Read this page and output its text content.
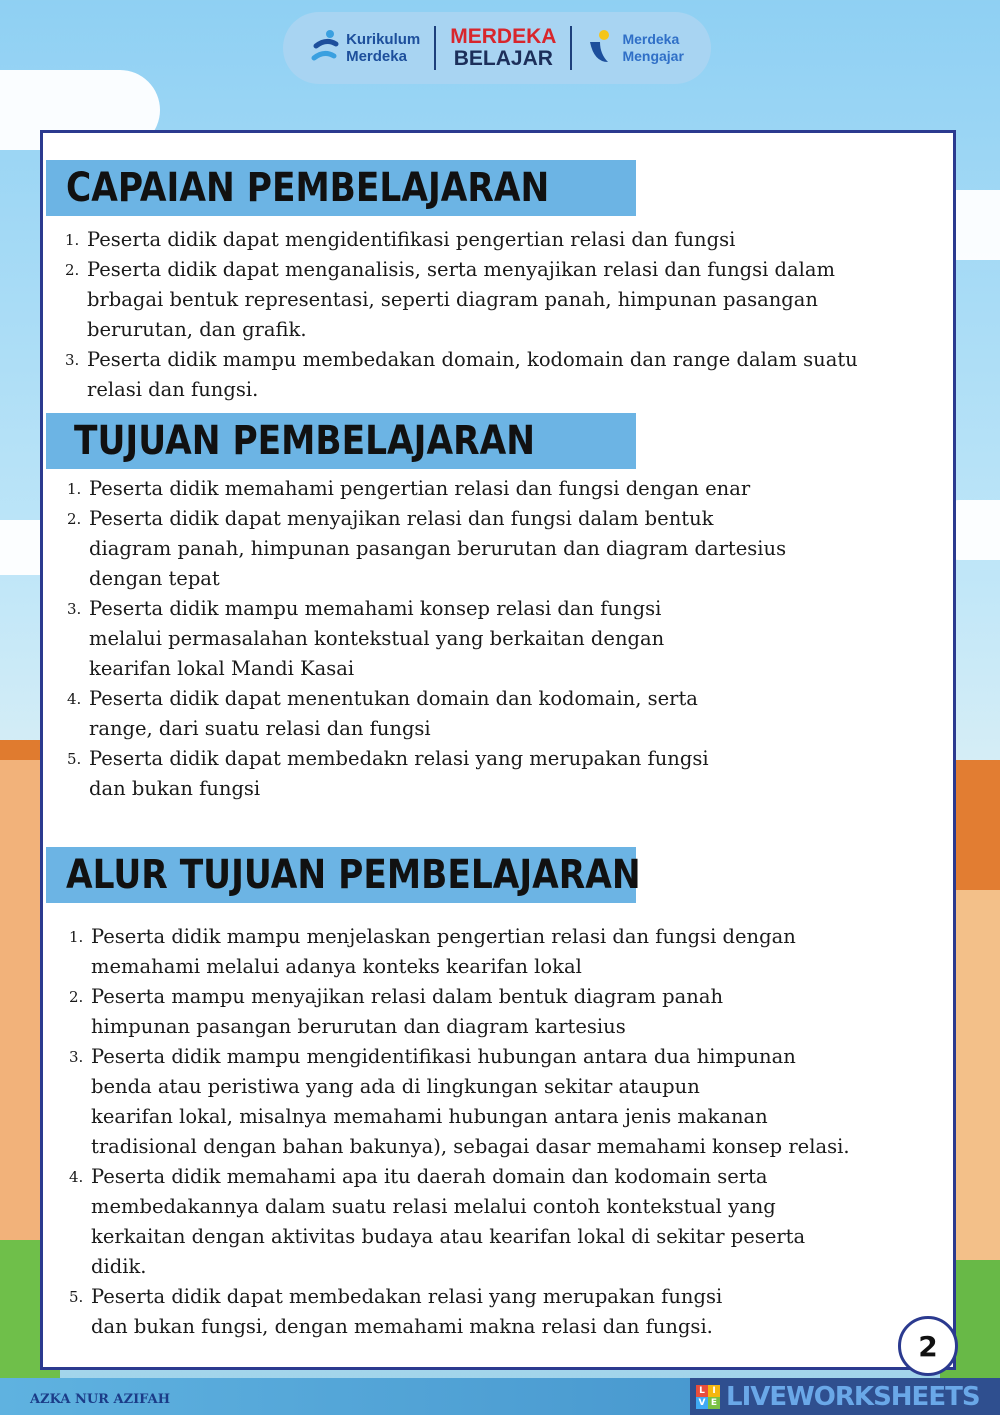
Kurikulum
Merdeka
MERDEKA
BELAJAR
Merdeka
Mengajar
CAPAIAN PEMBELAJARAN
1. Peserta didik dapat mengidentifikasi pengertian relasi dan fungsi
2. Peserta didik dapat menganalisis, serta menyajikan relasi dan fungsi dalam
brbagai bentuk representasi, seperti diagram panah, himpunan pasangan
berurutan, dan grafik.
3. Peserta didik mampu membedakan domain, kodomain dan range dalam suatu
relasi dan fungsi.
TUJUAN PEMBELAJARAN
1. Peserta didik memahami pengertian relasi dan fungsi dengan enar
2. Peserta didik dapat menyajikan relasi dan fungsi dalam bentuk
diagram panah, himpunan pasangan berurutan dan diagram dartesius
dengan tepat
3. Peserta didik mampu memahami konsep relasi dan fungsi
melalui permasalahan kontekstual yang berkaitan dengan
kearifan lokal Mandi Kasai
4. Peserta didik dapat menentukan domain dan kodomain, serta
range, dari suatu relasi dan fungsi
5. Peserta didik dapat membedakn relasi yang merupakan fungsi
dan bukan fungsi
ALUR TUJUAN PEMBELAJARAN
1. Peserta didik mampu menjelaskan pengertian relasi dan fungsi dengan
memahami melalui adanya konteks kearifan lokal
2. Peserta mampu menyajikan relasi dalam bentuk diagram panah
himpunan pasangan berurutan dan diagram kartesius
3. Peserta didik mampu mengidentifikasi hubungan antara dua himpunan
benda atau peristiwa yang ada di lingkungan sekitar ataupun
kearifan lokal, misalnya memahami hubungan antara jenis makanan
tradisional dengan bahan bakunya), sebagai dasar memahami konsep relasi.
4. Peserta didik memahami apa itu daerah domain dan kodomain serta
membedakannya dalam suatu relasi melalui contoh kontekstual yang
kerkaitan dengan aktivitas budaya atau kearifan lokal di sekitar peserta
didik.
5. Peserta didik dapat membedakan relasi yang merupakan fungsi
dan bukan fungsi, dengan memahami makna relasi dan fungsi.
2
AZKA NUR AZIFAH
L I
V E LIVEWORKSHEETS
